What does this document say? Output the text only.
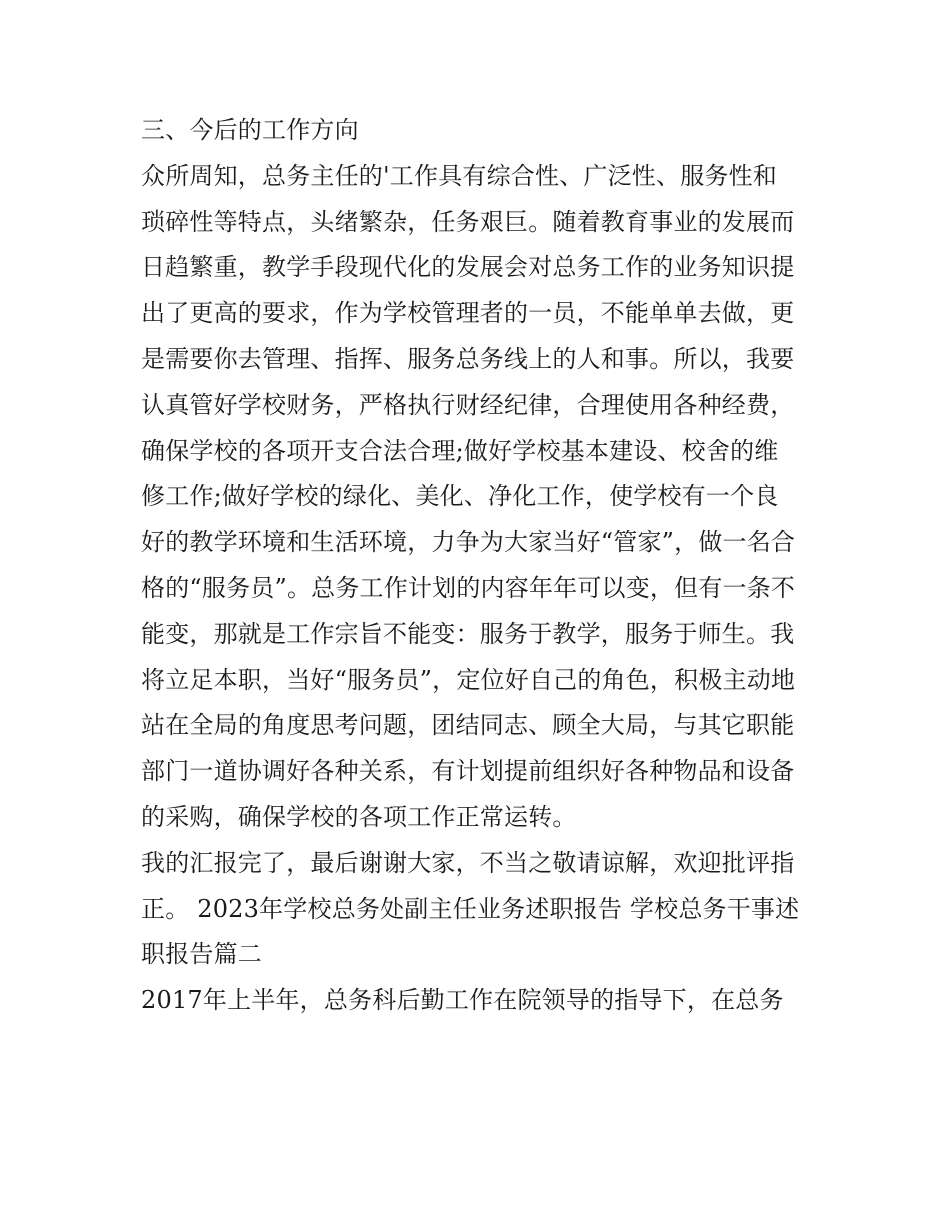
三、今后的工作方向
众所周知，总务主任的'工作具有综合性、广泛性、服务性和
琐碎性等特点，头绪繁杂，任务艰巨。随着教育事业的发展而
日趋繁重，教学手段现代化的发展会对总务工作的业务知识提
出了更高的要求，作为学校管理者的一员，不能单单去做，更
是需要你去管理、指挥、服务总务线上的人和事。所以，我要
认真管好学校财务，严格执行财经纪律，合理使用各种经费，
确保学校的各项开支合法合理;做好学校基本建设、校舍的维
修工作;做好学校的绿化、美化、净化工作，使学校有一个良
好的教学环境和生活环境，力争为大家当好“管家”，做一名合
格的“服务员”。总务工作计划的内容年年可以变，但有一条不
能变，那就是工作宗旨不能变：服务于教学，服务于师生。我
将立足本职，当好“服务员”，定位好自己的角色，积极主动地
站在全局的角度思考问题，团结同志、顾全大局，与其它职能
部门一道协调好各种关系，有计划提前组织好各种物品和设备
的采购，确保学校的各项工作正常运转。
我的汇报完了，最后谢谢大家，不当之敬请谅解，欢迎批评指
正。 2023年学校总务处副主任业务述职报告 学校总务干事述
职报告篇二
2017年上半年，总务科后勤工作在院领导的指导下，在总务
